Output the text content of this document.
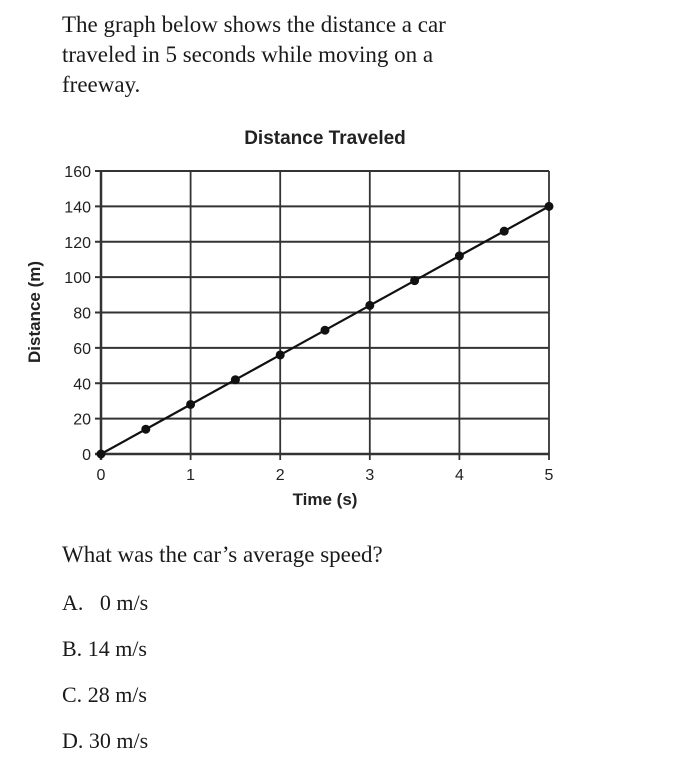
The graph below shows the distance a car
traveled in 5 seconds while moving on a
freeway.
Distance Traveled
0
20
40
60
80
100
120
140
160
0	1	2	3	4	5
Time (s)
Distance (m)
What was the car’s average speed?
A. 0 m/s
B. 14 m/s
C. 28 m/s
D. 30 m/s
